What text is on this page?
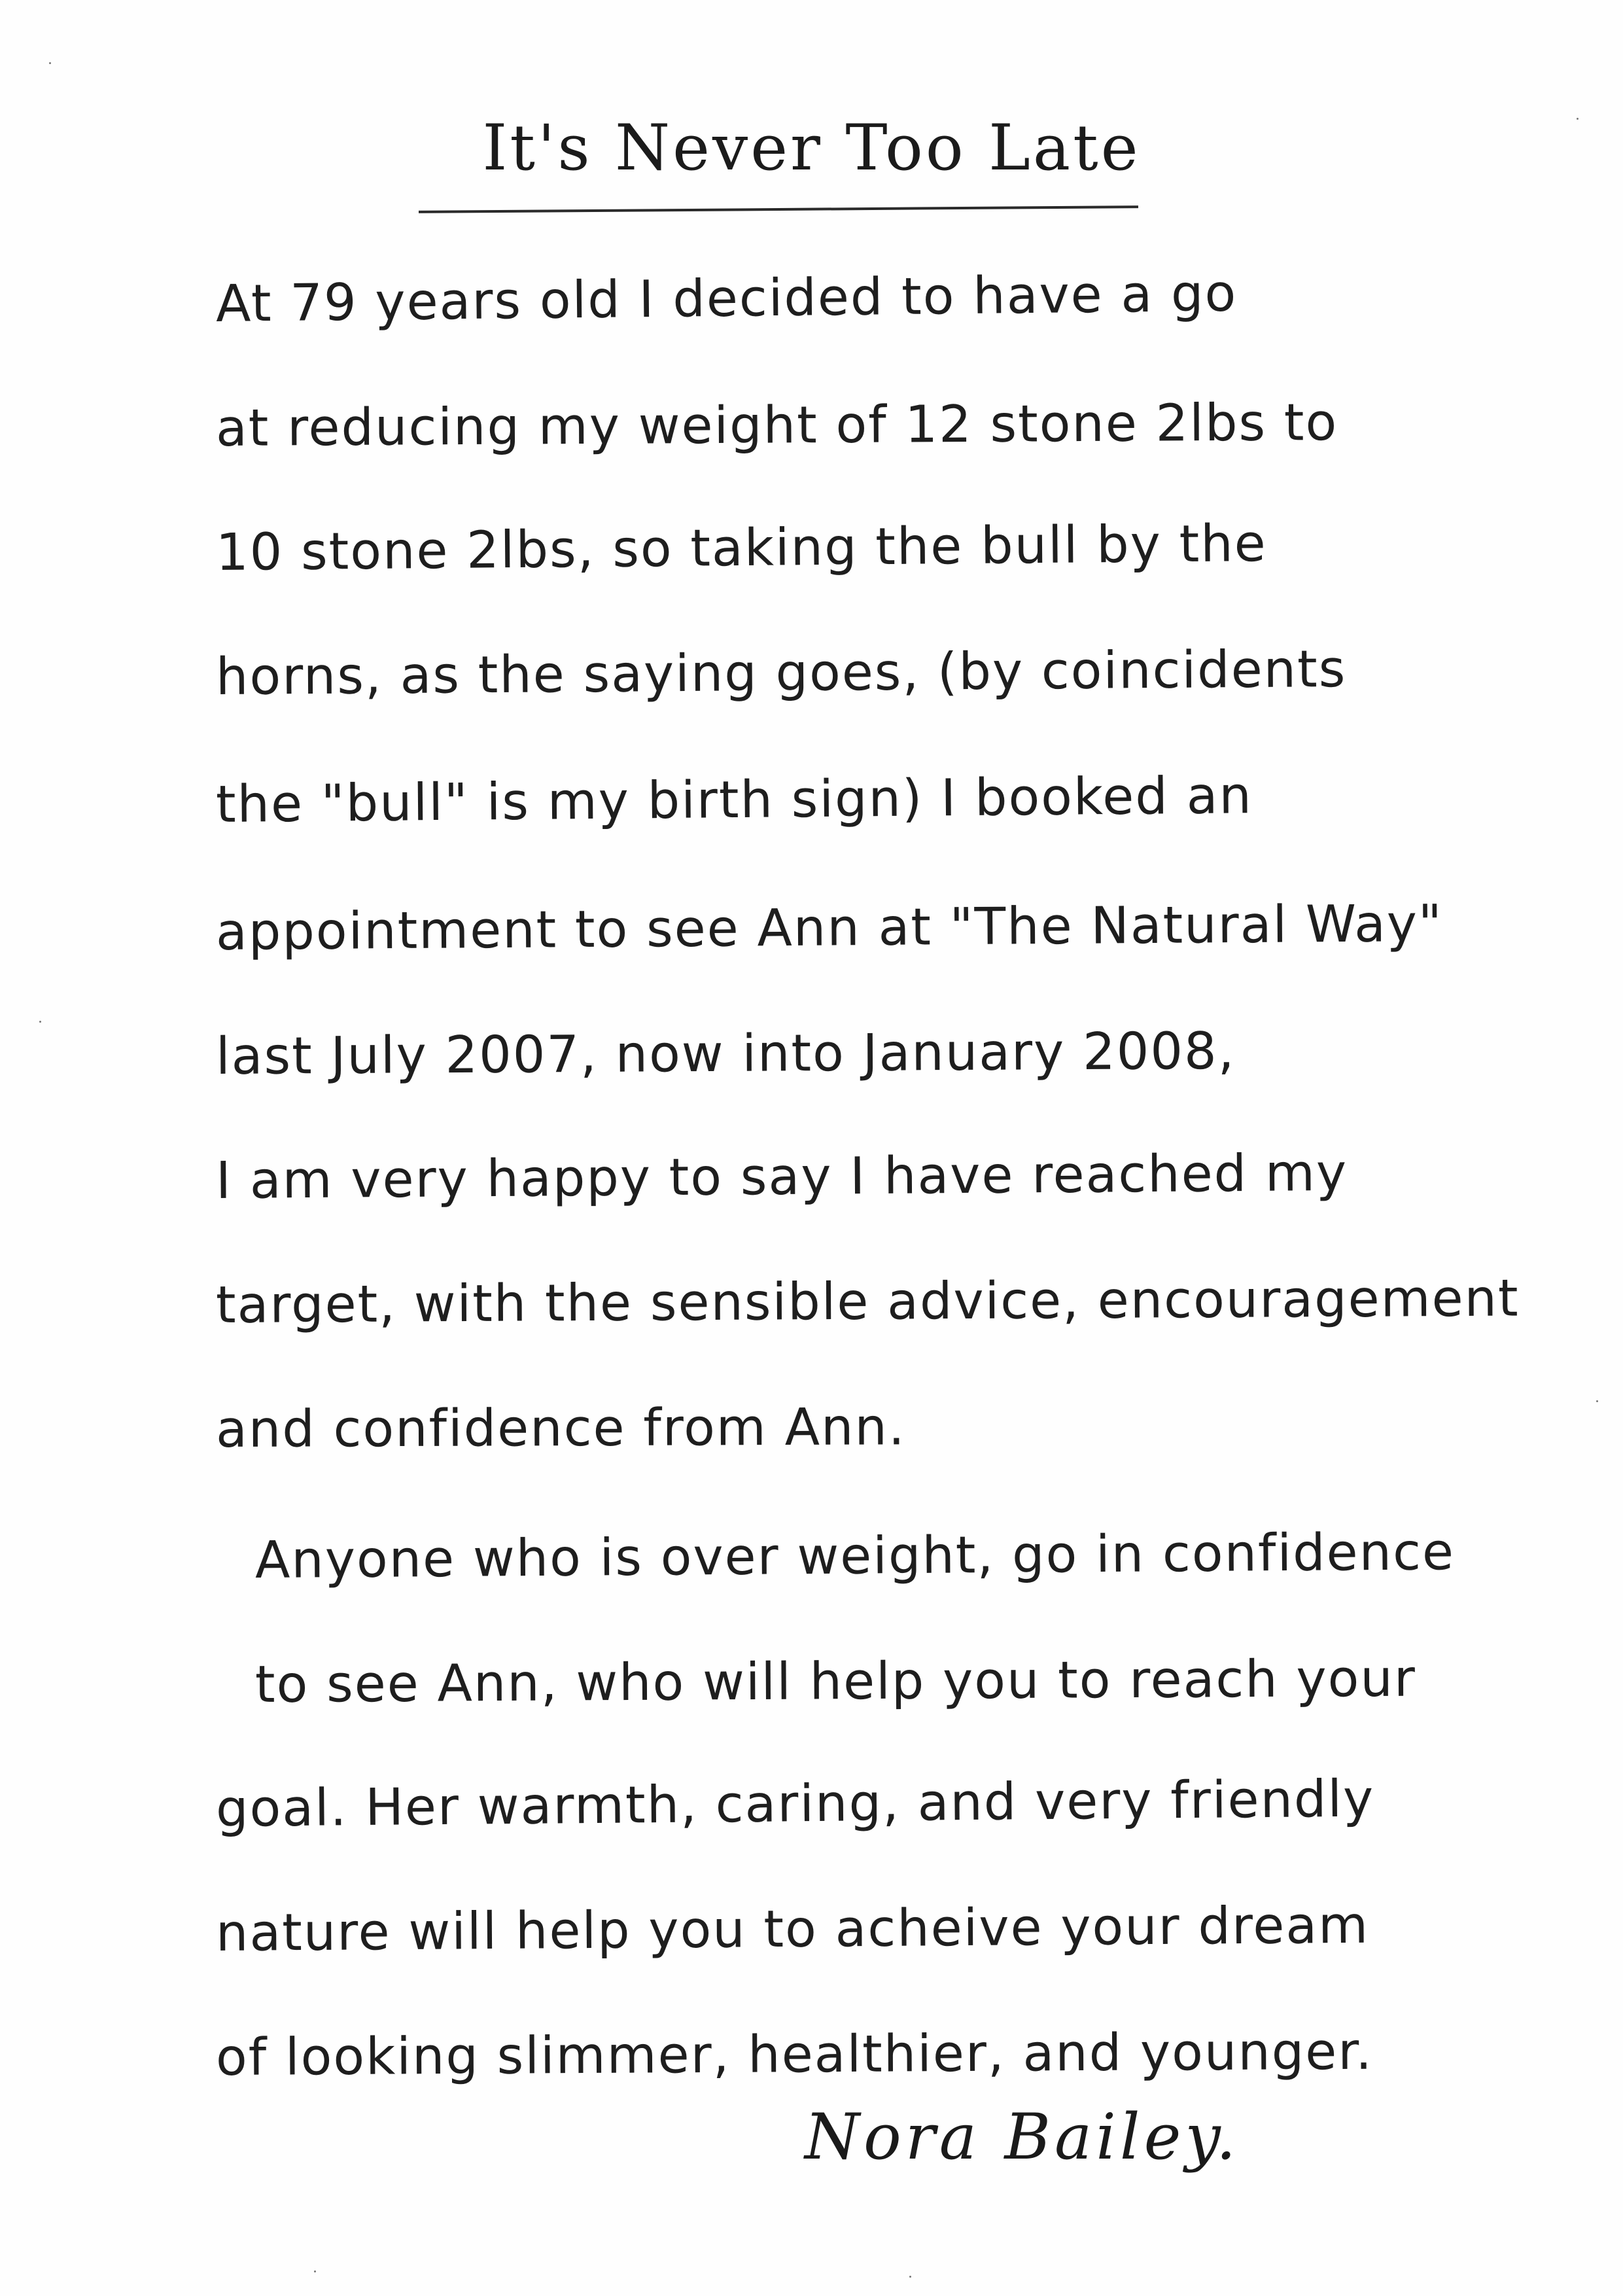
It's Never Too Late
At 79 years old I decided to have a go
at reducing my weight of 12 stone 2lbs to
10 stone 2lbs, so taking the bull by the
horns, as the saying goes, (by coincidents
the "bull" is my birth sign) I booked an
appointment to see Ann at "The Natural Way"
last July 2007, now into January 2008,
I am very happy to say I have reached my
target, with the sensible advice, encouragement
and confidence from Ann.
Anyone who is over weight, go in confidence
to see Ann, who will help you to reach your
goal. Her warmth, caring, and very friendly
nature will help you to acheive your dream
of looking slimmer, healthier, and younger.
Nora Bailey.
